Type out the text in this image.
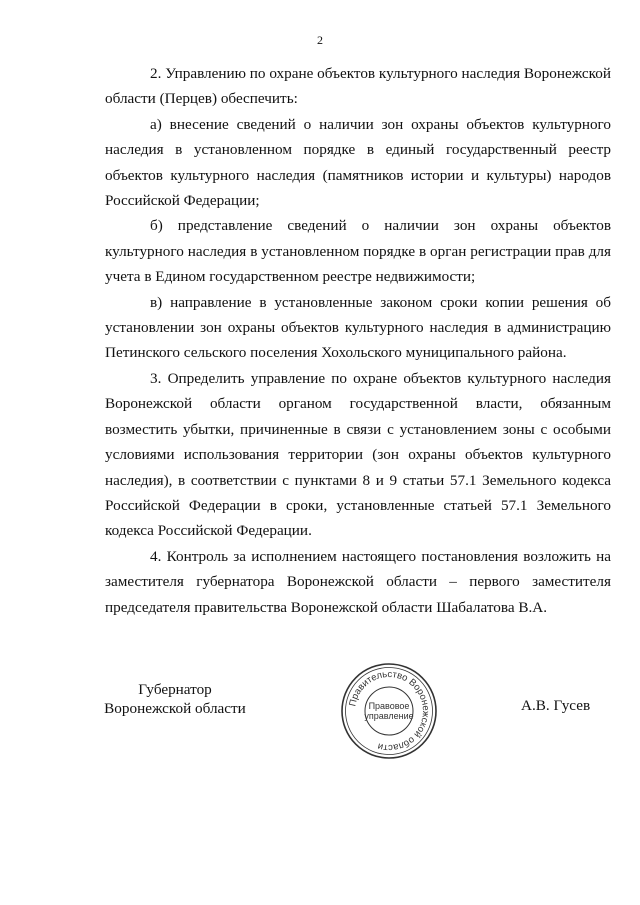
2

2. Управлению по охране объектов культурного наследия Воронежской области (Перцев) обеспечить:

а) внесение сведений о наличии зон охраны объектов культурного наследия в установленном порядке в единый государственный реестр объектов культурного наследия (памятников истории и культуры) народов Российской Федерации;

б) представление сведений о наличии зон охраны объектов культурного наследия в установленном порядке в орган регистрации прав для учета в Едином государственном реестре недвижимости;

в) направление в установленные законом сроки копии решения об установлении зон охраны объектов культурного наследия в администрацию Петинского сельского поселения Хохольского муниципального района.

3. Определить управление по охране объектов культурного наследия Воронежской области органом государственной власти, обязанным возместить убытки, причиненные в связи с установлением зоны с особыми условиями использования территории (зон охраны объектов культурного наследия), в соответствии с пунктами 8 и 9 статьи 57.1 Земельного кодекса Российской Федерации в сроки, установленные статьей 57.1 Земельного кодекса Российской Федерации.

4. Контроль за исполнением настоящего постановления возложить на заместителя губернатора Воронежской области – первого заместителя председателя правительства Воронежской области Шабалатова В.А.

Губернатор
Воронежской области	Правительство Воронежской области
Правовое
управление
А.В. Гусев
